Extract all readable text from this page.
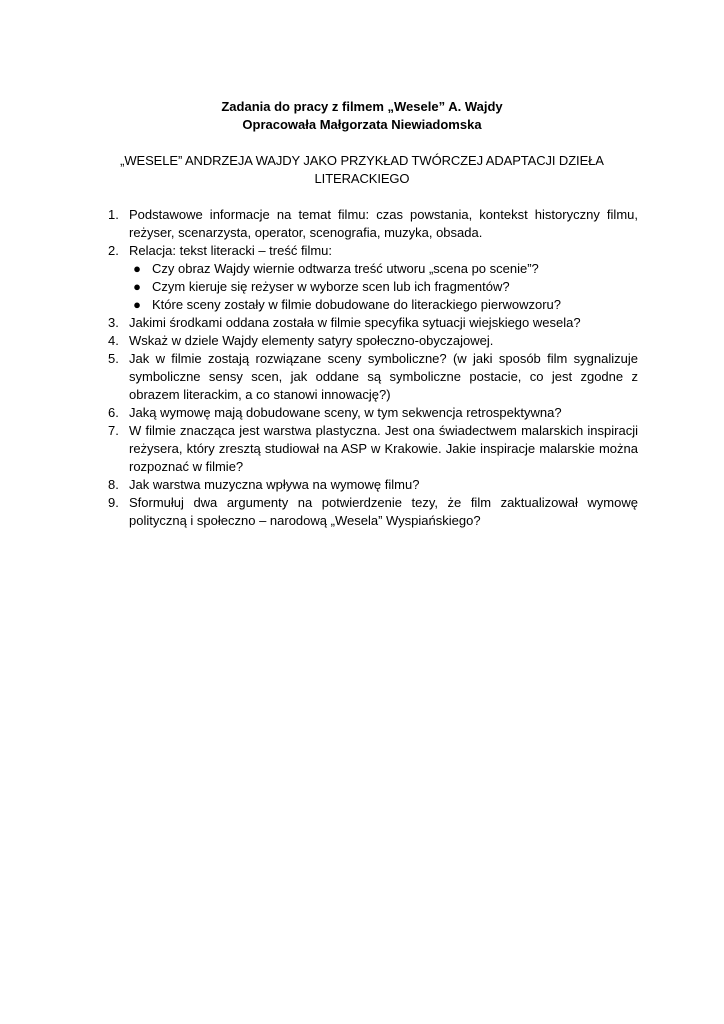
Zadania do pracy z filmem „Wesele” A. Wajdy
Opracowała Małgorzata Niewiadomska
„WESELE” ANDRZEJA WAJDY JAKO PRZYKŁAD TWÓRCZEJ ADAPTACJI DZIEŁA LITERACKIEGO
1. Podstawowe informacje na temat filmu: czas powstania, kontekst historyczny filmu, reżyser, scenarzysta, operator, scenografia, muzyka, obsada.
2. Relacja: tekst literacki – treść filmu:
● Czy obraz Wajdy wiernie odtwarza treść utworu „scena po scenie”?
● Czym kieruje się reżyser w wyborze scen lub ich fragmentów?
● Które sceny zostały w filmie dobudowane do literackiego pierwowzoru?
3. Jakimi środkami oddana została w filmie specyfika sytuacji wiejskiego wesela?
4. Wskaż w dziele Wajdy elementy satyry społeczno-obyczajowej.
5. Jak w filmie zostają rozwiązane sceny symboliczne? (w jaki sposób film sygnalizuje symboliczne sensy scen, jak oddane są symboliczne postacie, co jest zgodne z obrazem literackim, a co stanowi innowację?)
6. Jaką wymowę mają dobudowane sceny, w tym sekwencja retrospektywna?
7. W filmie znacząca jest warstwa plastyczna. Jest ona świadectwem malarskich inspiracji reżysera, który zresztą studiował na ASP w Krakowie. Jakie inspiracje malarskie można rozpoznać w filmie?
8. Jak warstwa muzyczna wpływa na wymowę filmu?
9. Sformułuj dwa argumenty na potwierdzenie tezy, że film zaktualizował wymowę polityczną i społeczno – narodową „Wesela” Wyspiańskiego?
